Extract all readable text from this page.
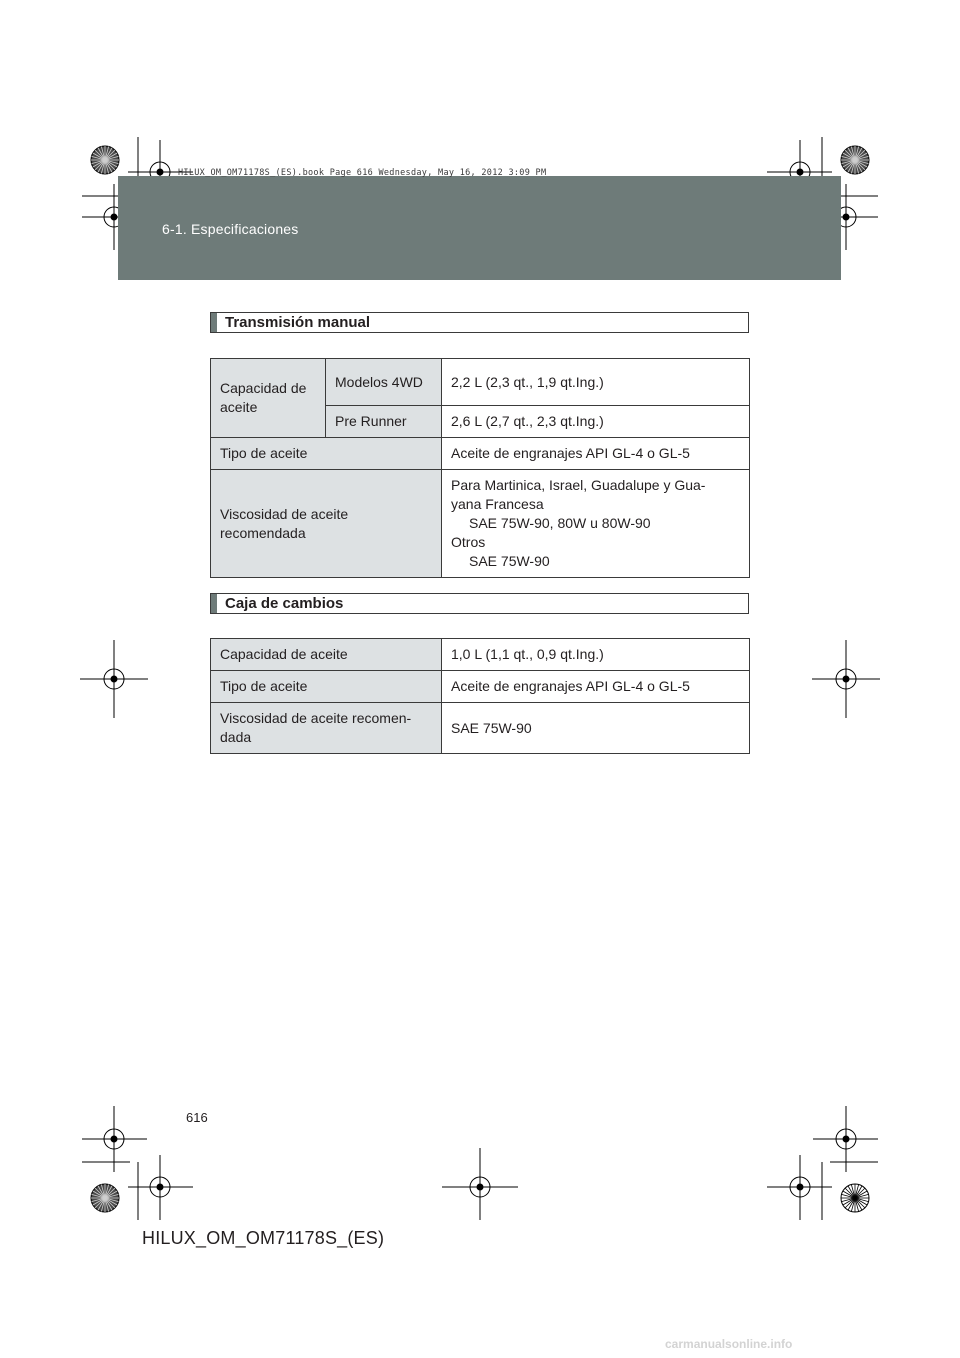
HILUX_OM_OM71178S_(ES).book Page 616 Wednesday, May 16, 2012 3:09 PM
6-1. Especificaciones
Transmisión manual
Capacidad de aceite	Modelos 4WD	2,2 L (2,3 qt., 1,9 qt.Ing.)
	Pre Runner	2,6 L (2,7 qt., 2,3 qt.Ing.)
Tipo de aceite		Aceite de engranajes API GL-4 o GL-5
Viscosidad de aceite recomendada		Para Martinica, Israel, Guadalupe y Gua-
yana Francesa
SAE 75W-90, 80W u 80W-90
Otros
SAE 75W-90
Caja de cambios
Capacidad de aceite	1,0 L (1,1 qt., 0,9 qt.Ing.)
Tipo de aceite	Aceite de engranajes API GL-4 o GL-5
Viscosidad de aceite recomen- dada	SAE 75W-90
616
HILUX_OM_OM71178S_(ES)
carmanualsonline.info
